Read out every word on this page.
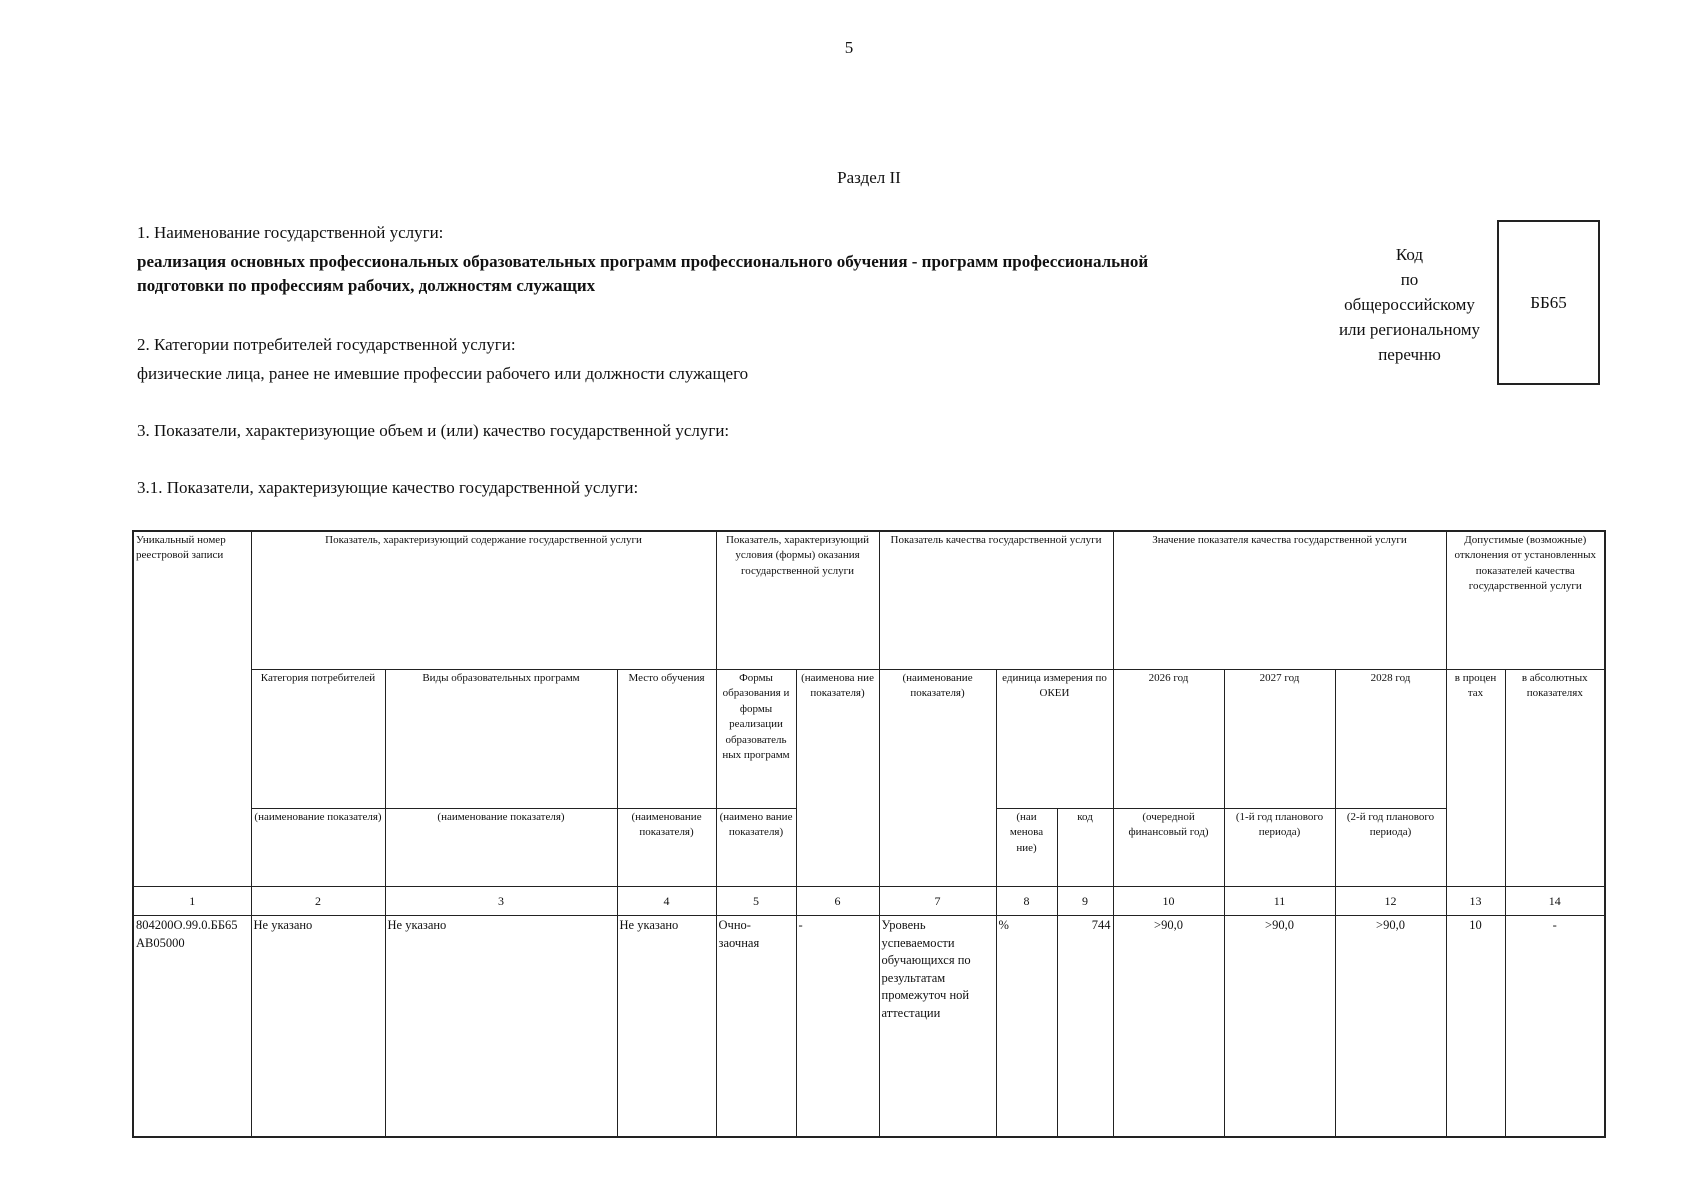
5
Раздел II
1. Наименование государственной услуги:
реализация основных профессиональных образовательных программ профессионального обучения - программ профессиональной
подготовки по профессиям рабочих, должностям служащих
Код
по
общероссийскому
или региональному
перечню
ББ65
2. Категории потребителей государственной услуги:
физические лица, ранее не имевшие профессии рабочего или должности служащего
3. Показатели, характеризующие объем и (или) качество государственной услуги:
3.1. Показатели, характеризующие качество государственной услуги:
Уникальный номер реестровой записи	Показатель, характеризующий содержание государственной услуги			Показатель, характеризующий условия (формы) оказания государственной услуги		Показатель качества государственной услуги			Значение показателя качества государственной услуги			Допустимые (возможные) отклонения от установленных показателей качества государственной услуги	
	Категория потребителей	Виды образовательных программ	Место обучения	Формы образования и формы реализации образователь ных программ	(наименова ние показателя)	(наименование показателя)	единица измерения по ОКЕИ		2026 год	2027 год	2028 год	в процен тах	в абсолютных показателях
	(наименование показателя)	(наименование показателя)	(наименование показателя)	(наимено вание показателя)			(наи менова ние)	код	(очередной финансовый год)	(1-й год планового периода)	(2-й год планового периода)		
1	2	3	4	5	6	7	8	9	10	11	12	13	14
804200О.99.0.ББ65 АВ05000	Не указано	Не указано	Не указано	Очно- заочная	-	Уровень успеваемости обучающихся по результатам промежуточ ной аттестации	%	744	>90,0	>90,0	>90,0	10	-
